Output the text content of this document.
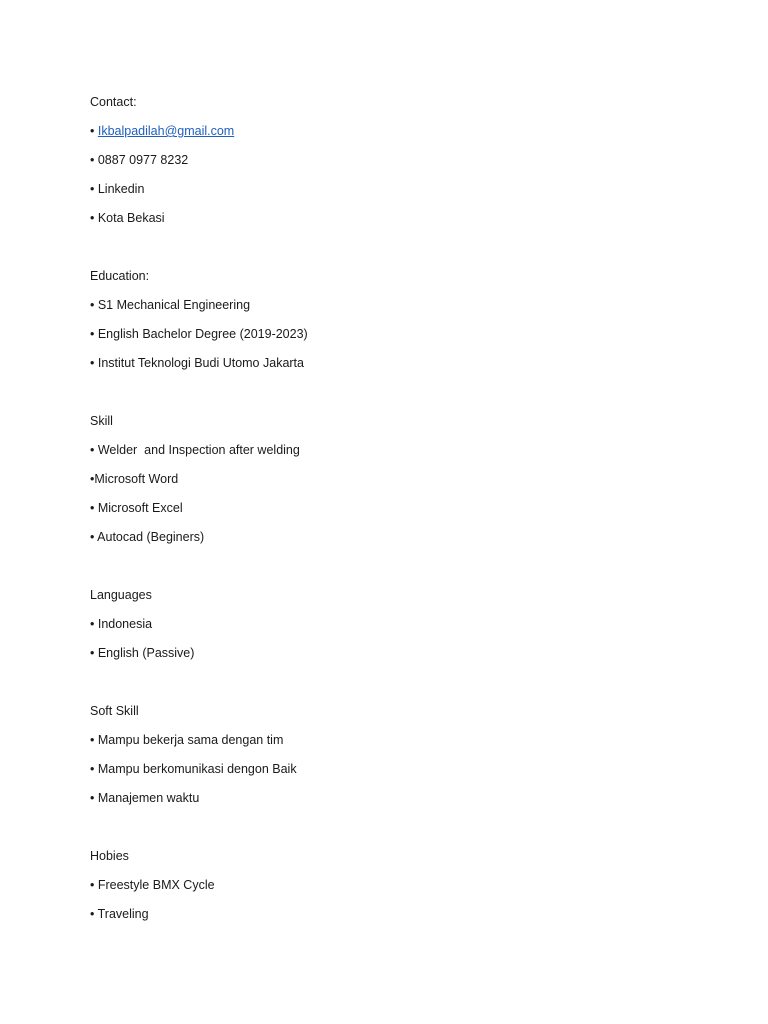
Contact:
• Ikbalpadilah@gmail.com
• 0887 0977 8232
• Linkedin
• Kota Bekasi
Education:
• S1 Mechanical Engineering
• English Bachelor Degree (2019-2023)
• Institut Teknologi Budi Utomo Jakarta
Skill
• Welder  and Inspection after welding
•Microsoft Word
• Microsoft Excel
• Autocad (Beginers)
Languages
• Indonesia
• English (Passive)
Soft Skill
• Mampu bekerja sama dengan tim
• Mampu berkomunikasi dengon Baik
• Manajemen waktu
Hobies
• Freestyle BMX Cycle
• Traveling
